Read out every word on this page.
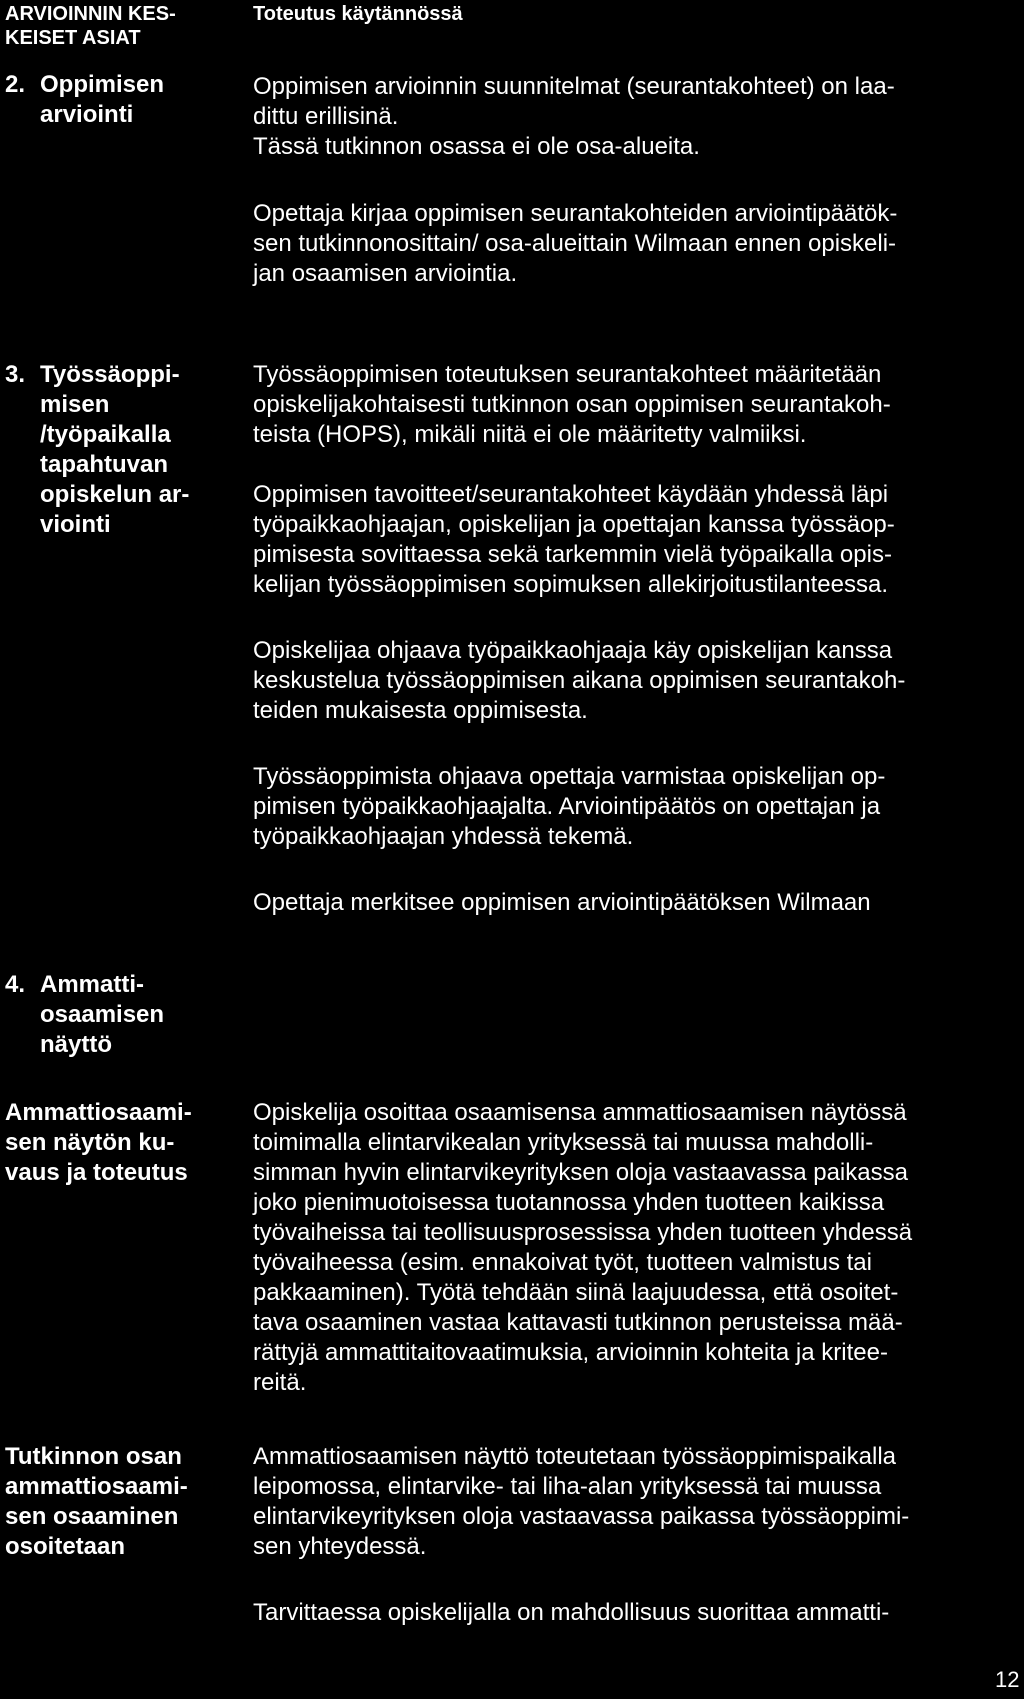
ARVIOINNIN KES-
KEISET ASIAT
Toteutus käytännössä
2. Oppimisen
arviointi

Oppimisen arvioinnin suunnitelmat (seurantakohteet) on laa-
dittu erillisinä.
Tässä tutkinnon osassa ei ole osa-alueita.

Opettaja kirjaa oppimisen seurantakohteiden arviointipäätök-
sen tutkinnonosittain/ osa-alueittain Wilmaan ennen opiskeli-
jan osaamisen arviointia.

3. Työssäoppi-
misen
/työpaikalla
tapahtuvan
opiskelun ar-
viointi

Työssäoppimisen toteutuksen seurantakohteet määritetään
opiskelijakohtaisesti tutkinnon osan oppimisen seurantakoh-
teista (HOPS), mikäli niitä ei ole määritetty valmiiksi.

Oppimisen tavoitteet/seurantakohteet käydään yhdessä läpi
työpaikkaohjaajan, opiskelijan ja opettajan kanssa työssäop-
pimisesta sovittaessa sekä tarkemmin vielä työpaikalla opis-
kelijan työssäoppimisen sopimuksen allekirjoitustilanteessa.

Opiskelijaa ohjaava työpaikkaohjaaja käy opiskelijan kanssa
keskustelua työssäoppimisen aikana oppimisen seurantakoh-
teiden mukaisesta oppimisesta.

Työssäoppimista ohjaava opettaja varmistaa opiskelijan op-
pimisen työpaikkaohjaajalta. Arviointipäätös on opettajan ja
työpaikkaohjaajan yhdessä tekemä.

Opettaja merkitsee oppimisen arviointipäätöksen Wilmaan

4. Ammatti-
osaamisen
näyttö
Ammattiosaami-
sen näytön ku-
vaus ja toteutus

Opiskelija osoittaa osaamisensa ammattiosaamisen näytössä
toimimalla elintarvikealan yrityksessä tai muussa mahdolli-
simman hyvin elintarvikeyrityksen oloja vastaavassa paikassa
joko pienimuotoisessa tuotannossa yhden tuotteen kaikissa
työvaiheissa tai teollisuusprosessissa yhden tuotteen yhdessä
työvaiheessa (esim. ennakoivat työt, tuotteen valmistus tai
pakkaaminen). Työtä tehdään siinä laajuudessa, että osoitet-
tava osaaminen vastaa kattavasti tutkinnon perusteissa mää-
rättyjä ammattitaitovaatimuksia, arvioinnin kohteita ja kritee-
reitä.

Tutkinnon osan
ammattiosaami-
sen osaaminen
osoitetaan

Ammattiosaamisen näyttö toteutetaan työssäoppimispaikalla
leipomossa, elintarvike- tai liha-alan yrityksessä tai muussa
elintarvikeyrityksen oloja vastaavassa paikassa työssäoppimi-
sen yhteydessä.

Tarvittaessa opiskelijalla on mahdollisuus suorittaa ammatti-

12
